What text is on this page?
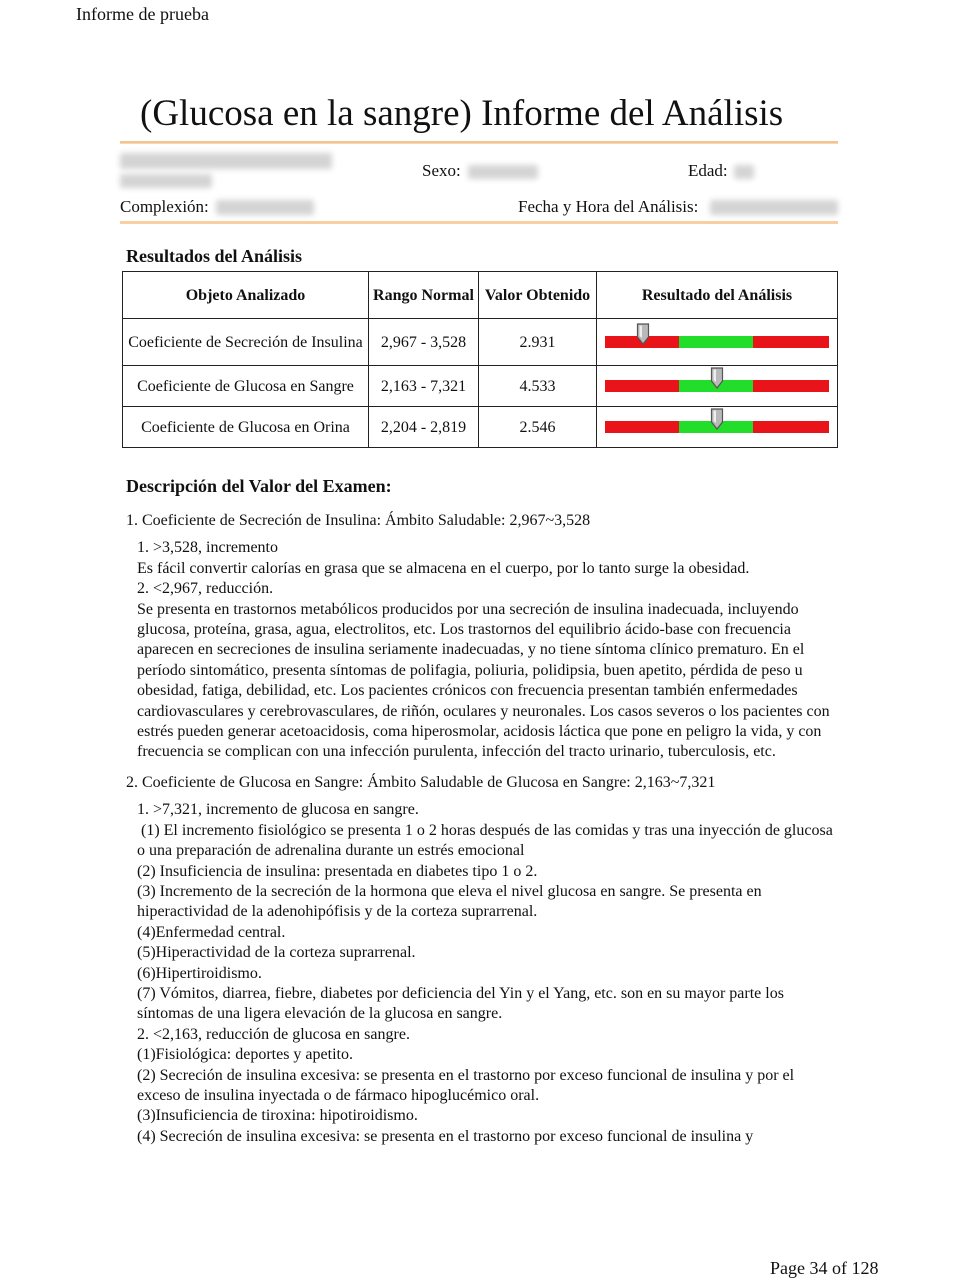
Informe de prueba
(Glucosa en la sangre) Informe del Análisis
Sexo:	Edad:
Complexión:	Fecha y Hora del Análisis:
Resultados del Análisis
Objeto Analizado	Rango Normal	Valor Obtenido	Resultado del Análisis
Coeficiente de Secreción de Insulina	2,967 - 3,528	2.931	

Coeficiente de Glucosa en Sangre	2,163 - 7,321	4.533	

Coeficiente de Glucosa en Orina	2,204 - 2,819	2.546	
Descripción del Valor del Examen:

1. Coeficiente de Secreción de Insulina: Ámbito Saludable: 2,967~3,528

1. >3,528, incremento

Es fácil convertir calorías en grasa que se almacena en el cuerpo, por lo tanto surge la obesidad.

2. <2,967, reducción.

Se presenta en trastornos metabólicos producidos por una secreción de insulina inadecuada, incluyendo glucosa, proteína, grasa, agua, electrolitos, etc. Los trastornos del equilibrio ácido-base con frecuencia aparecen en secreciones de insulina seriamente inadecuadas, y no tiene síntoma clínico prematuro. En el período sintomático, presenta síntomas de polifagia, poliuria, polidipsia, buen apetito, pérdida de peso u obesidad, fatiga, debilidad, etc. Los pacientes crónicos con frecuencia presentan también enfermedades cardiovasculares y cerebrovasculares, de riñón, oculares y neuronales. Los casos severos o los pacientes con estrés pueden generar acetoacidosis, coma hiperosmolar, acidosis láctica que pone en peligro la vida, y con frecuencia se complican con una infección purulenta, infección del tracto urinario, tuberculosis, etc.

2. Coeficiente de Glucosa en Sangre: Ámbito Saludable de Glucosa en Sangre: 2,163~7,321

1. >7,321, incremento de glucosa en sangre.

(1) El incremento fisiológico se presenta 1 o 2 horas después de las comidas y tras una inyección de glucosa o una preparación de adrenalina durante un estrés emocional

(2) Insuficiencia de insulina: presentada en diabetes tipo 1 o 2.

(3) Incremento de la secreción de la hormona que eleva el nivel glucosa en sangre. Se presenta en hiperactividad de la adenohipófisis y de la corteza suprarrenal.

(4)Enfermedad central.

(5)Hiperactividad de la corteza suprarrenal.

(6)Hipertiroidismo.

(7) Vómitos, diarrea, fiebre, diabetes por deficiencia del Yin y el Yang, etc. son en su mayor parte los síntomas de una ligera elevación de la glucosa en sangre.

2. <2,163, reducción de glucosa en sangre.

(1)Fisiológica: deportes y apetito.

(2) Secreción de insulina excesiva: se presenta en el trastorno por exceso funcional de insulina y por el exceso de insulina inyectada o de fármaco hipoglucémico oral.

(3)Insuficiencia de tiroxina: hipotiroidismo.

(4) Secreción de insulina excesiva: se presenta en el trastorno por exceso funcional de insulina y

Page 34 of 128
